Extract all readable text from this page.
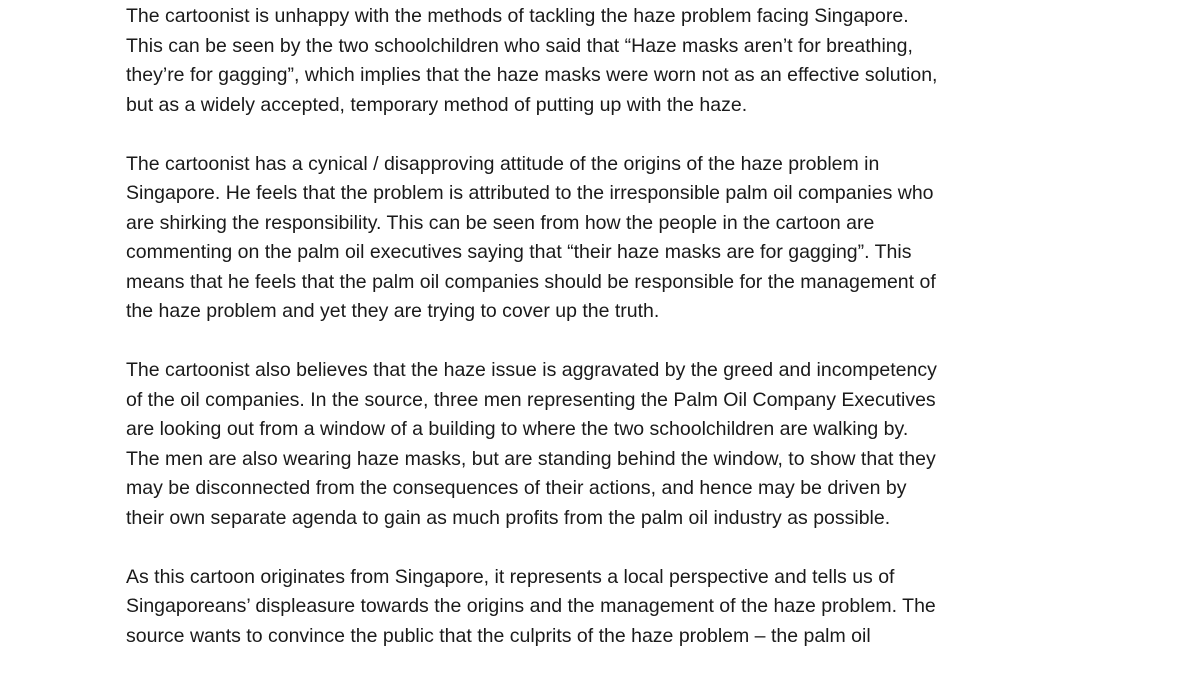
The cartoonist is unhappy with the methods of tackling the haze problem facing Singapore.
This can be seen by the two schoolchildren who said that “Haze masks aren’t for breathing,
they’re for gagging”, which implies that the haze masks were worn not as an effective solution,
but as a widely accepted, temporary method of putting up with the haze.

The cartoonist has a cynical / disapproving attitude of the origins of the haze problem in
Singapore. He feels that the problem is attributed to the irresponsible palm oil companies who
are shirking the responsibility. This can be seen from how the people in the cartoon are
commenting on the palm oil executives saying that “their haze masks are for gagging”. This
means that he feels that the palm oil companies should be responsible for the management of
the haze problem and yet they are trying to cover up the truth.

The cartoonist also believes that the haze issue is aggravated by the greed and incompetency
of the oil companies. In the source, three men representing the Palm Oil Company Executives
are looking out from a window of a building to where the two schoolchildren are walking by.
The men are also wearing haze masks, but are standing behind the window, to show that they
may be disconnected from the consequences of their actions, and hence may be driven by
their own separate agenda to gain as much profits from the palm oil industry as possible.

As this cartoon originates from Singapore, it represents a local perspective and tells us of
Singaporeans’ displeasure towards the origins and the management of the haze problem. The
source wants to convince the public that the culprits of the haze problem – the palm oil
